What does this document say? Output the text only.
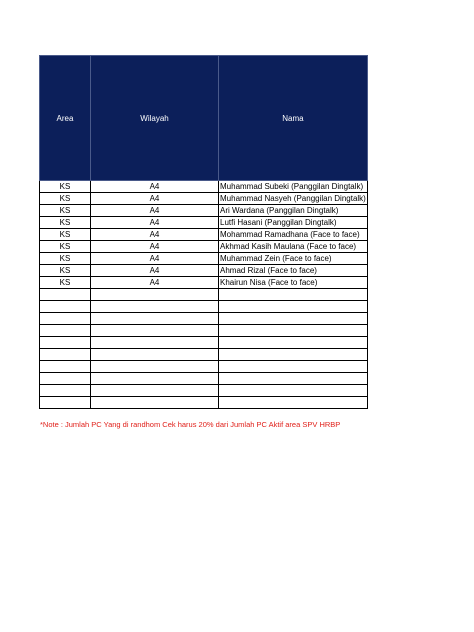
Area	Wilayah	Nama
KS	A4	Muhammad Subeki (Panggilan Dingtalk)
KS	A4	Muhammad Nasyeh (Panggilan Dingtalk)
KS	A4	Ari Wardana (Panggilan Dingtalk)
KS	A4	Lutfi Hasani (Panggilan Dingtalk)
KS	A4	Mohammad Ramadhana (Face to face)
KS	A4	Akhmad Kasih Maulana (Face to face)
KS	A4	Muhammad Zein (Face to face)
KS	A4	Ahmad Rizal (Face to face)
KS	A4	Khairun Nisa (Face to face)

*Note : Jumlah PC Yang di randhom Cek harus 20% dari Jumlah PC Aktif area SPV HRBP
